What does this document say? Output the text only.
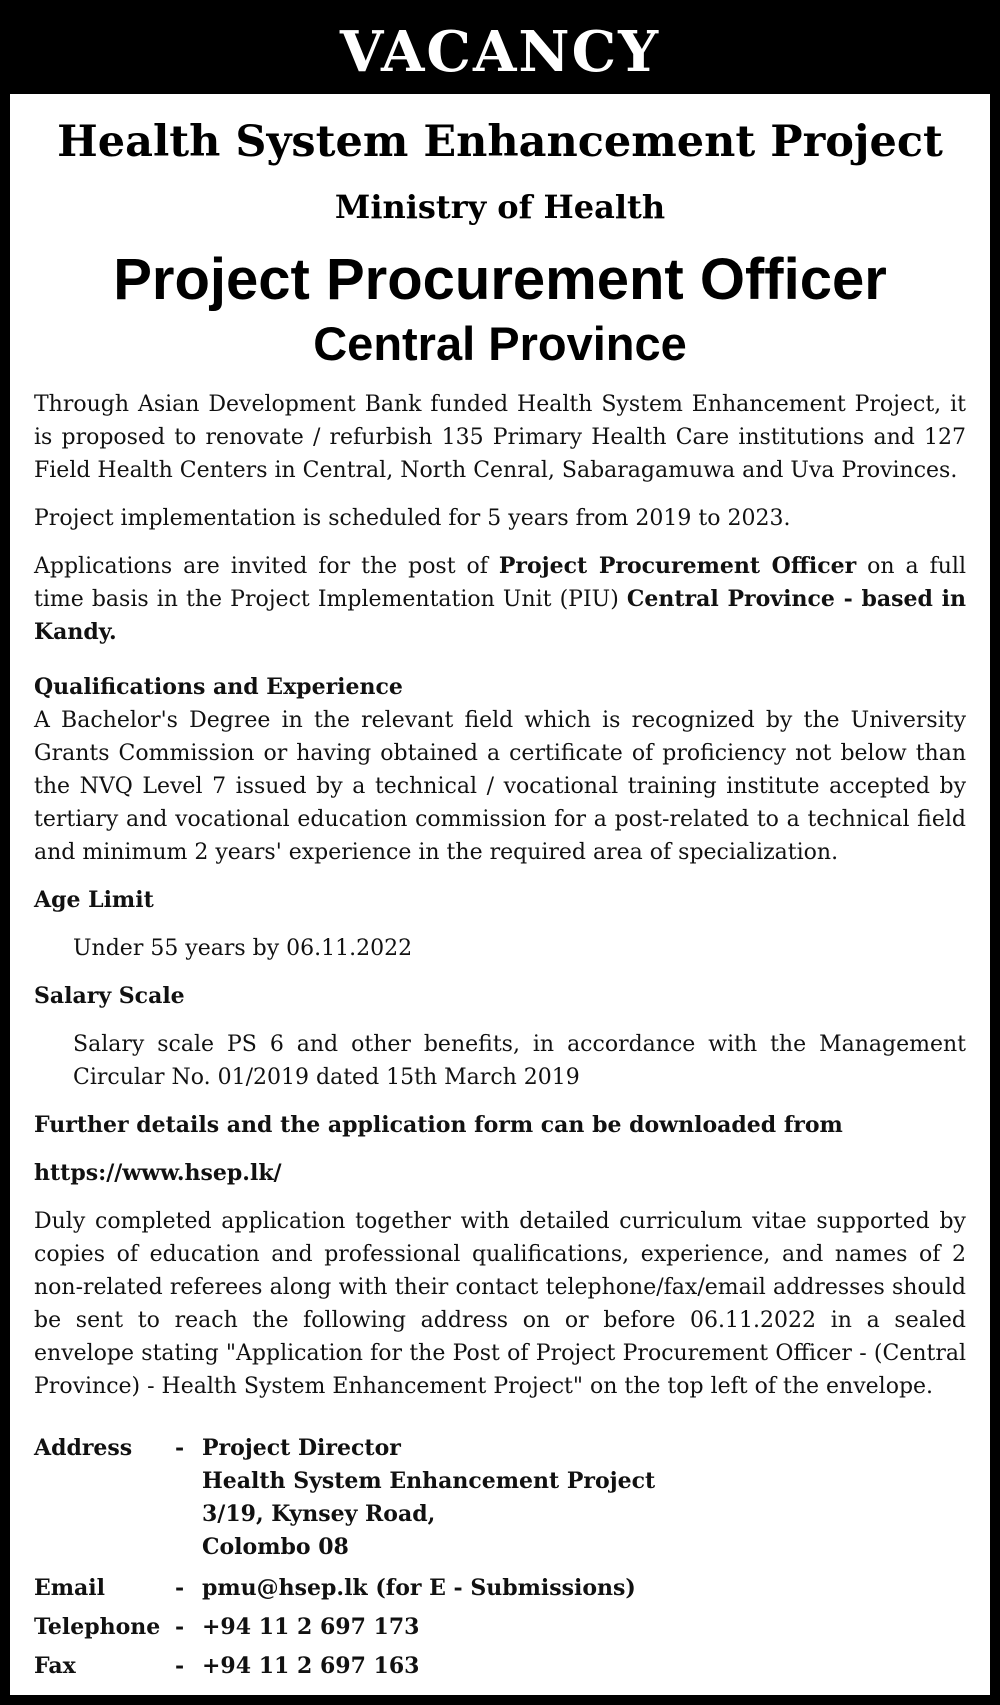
VACANCY
Health System Enhancement Project
Ministry of Health
Project Procurement Officer
Central Province

Through Asian Development Bank funded Health System Enhancement Project, it is proposed to renovate / refurbish 135 Primary Health Care institutions and 127 Field Health Centers in Central, North Cenral, Sabaragamuwa and Uva Provinces.

Project implementation is scheduled for 5 years from 2019 to 2023.

Applications are invited for the post of Project Procurement Officer on a full time basis in the Project Implementation Unit (PIU) Central Province - based in Kandy.

Qualifications and Experience

A Bachelor's Degree in the relevant field which is recognized by the University Grants Commission or having obtained a certificate of proficiency not below than the NVQ Level 7 issued by a technical / vocational training institute accepted by tertiary and vocational education commission for a post-related to a technical field and minimum 2 years' experience in the required area of specialization.

Age Limit

Under 55 years by 06.11.2022

Salary Scale

Salary scale PS 6 and other benefits, in accordance with the Management Circular No. 01/2019 dated 15th March 2019

Further details and the application form can be downloaded from

https://www.hsep.lk/

Duly completed application together with detailed curriculum vitae supported by copies of education and professional qualifications, experience, and names of 2 non-related referees along with their contact telephone/fax/email addresses should be sent to reach the following address on or before 06.11.2022 in a sealed envelope stating "Application for the Post of Project Procurement Officer - (Central Province) - Health System Enhancement Project" on the top left of the envelope.

Address	- Project Director
Health System Enhancement Project
3/19, Kynsey Road,
Colombo 08
Email	- pmu@hsep.lk (for E - Submissions)
Telephone - +94 11 2 697 173
Fax	- +94 11 2 697 163
